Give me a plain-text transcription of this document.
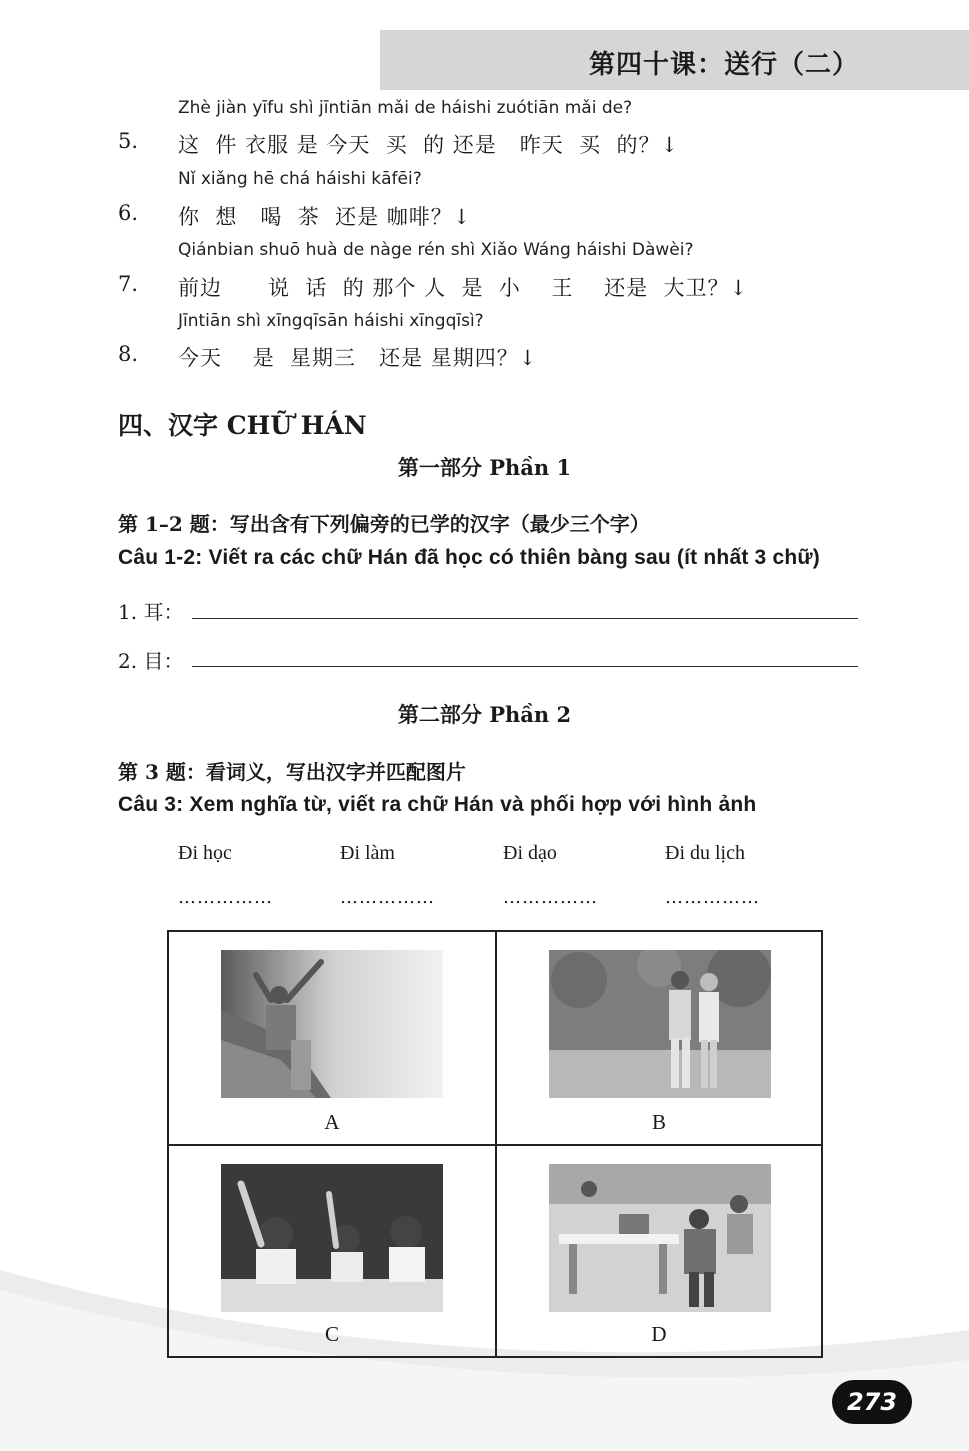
第四十课：送行（二）
Zhè jiàn yīfu shì jīntiān mǎi de háishi zuótiān mǎi de?
5. 这  件 衣服 是 今天  买  的 还是   昨天  买  的？↓
Nǐ xiǎng hē chá háishi kāfēi?
6. 你  想   喝  茶  还是 咖啡？↓
Qiánbian shuō huà de nàge rén shì Xiǎo Wáng háishi Dàwèi?
7. 前边      说  话  的 那个 人  是  小    王    还是  大卫？↓
Jīntiān shì xīngqīsān háishi xīngqīsì?
8. 今天    是  星期三   还是 星期四？↓
四、汉字 CHỮ HÁN
第一部分 Phần 1
第 1–2 题：写出含有下列偏旁的已学的汉字（最少三个字）
Câu 1-2: Viết ra các chữ Hán đã học có thiên bàng sau (ít nhất 3 chữ)
1. 耳：
2. 目：
第二部分 Phần 2
第 3 题：看词义，写出汉字并匹配图片
Câu 3: Xem nghĩa từ, viết ra chữ Hán và phối hợp với hình ảnh
Đi học	Đi làm	Đi dạo	Đi du lịch
……………	……………	……………	……………
A	B
C	D
273
